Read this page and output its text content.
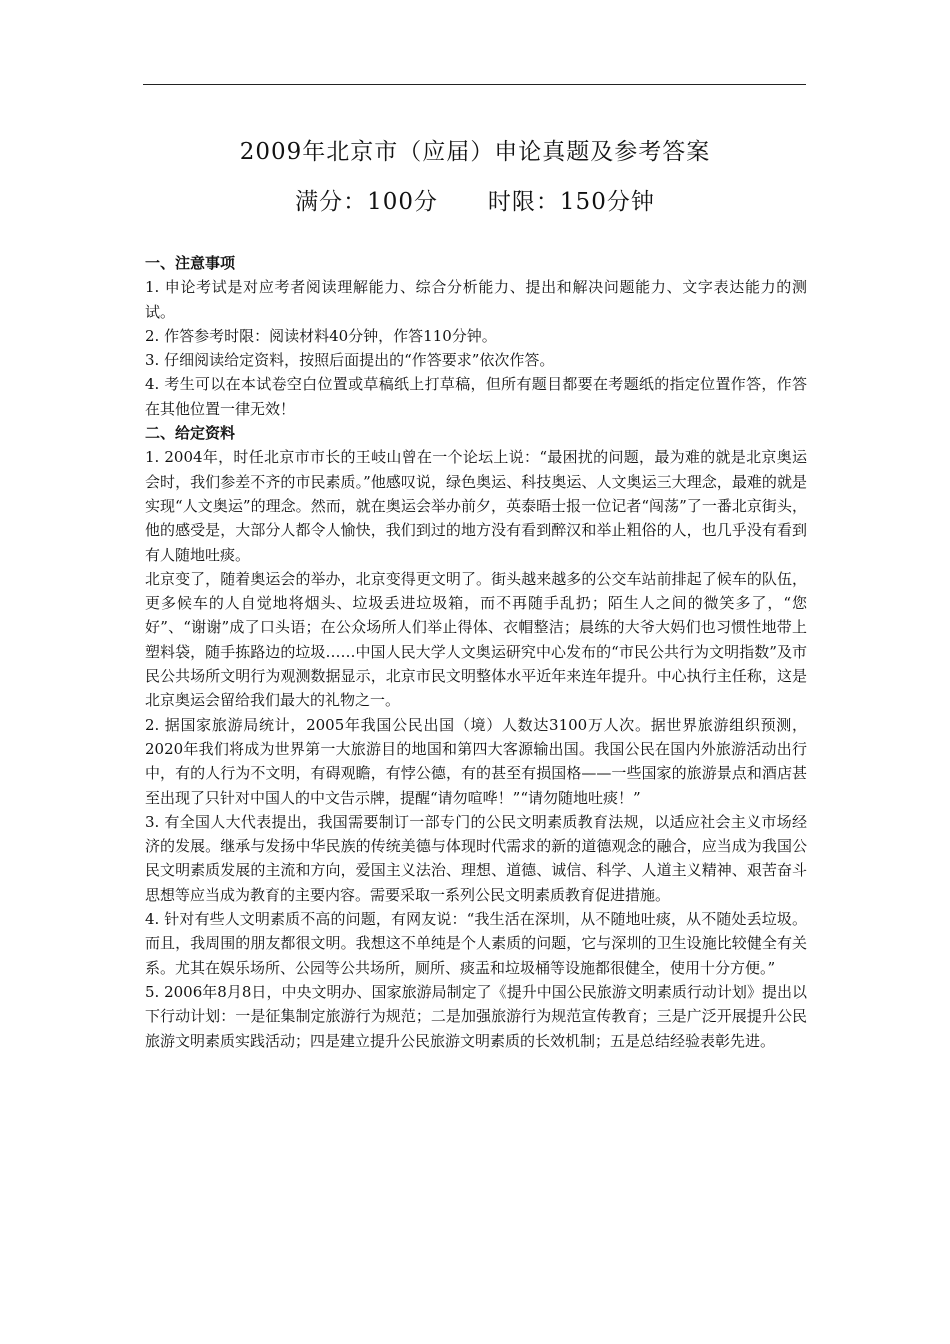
2009年北京市（应届）申论真题及参考答案
满分：100分      时限：150分钟

一、注意事项

1. 申论考试是对应考者阅读理解能力、综合分析能力、提出和解决问题能力、文字表达能力的测试。

2. 作答参考时限：阅读材料40分钟，作答110分钟。

3. 仔细阅读给定资料，按照后面提出的“作答要求”依次作答。

4. 考生可以在本试卷空白位置或草稿纸上打草稿，但所有题目都要在考题纸的指定位置作答，作答在其他位置一律无效！

二、给定资料

1. 2004年，时任北京市市长的王岐山曾在一个论坛上说：“最困扰的问题，最为难的就是北京奥运会时，我们参差不齐的市民素质。”他感叹说，绿色奥运、科技奥运、人文奥运三大理念，最难的就是实现“人文奥运”的理念。然而，就在奥运会举办前夕，英泰晤士报一位记者“闯荡”了一番北京街头，他的感受是，大部分人都令人愉快，我们到过的地方没有看到醉汉和举止粗俗的人，也几乎没有看到有人随地吐痰。

北京变了，随着奥运会的举办，北京变得更文明了。街头越来越多的公交车站前排起了候车的队伍，更多候车的人自觉地将烟头、垃圾丢进垃圾箱，而不再随手乱扔；陌生人之间的微笑多了，“您好”、“谢谢”成了口头语；在公众场所人们举止得体、衣帽整洁；晨练的大爷大妈们也习惯性地带上塑料袋，随手拣路边的垃圾……中国人民大学人文奥运研究中心发布的“市民公共行为文明指数”及市民公共场所文明行为观测数据显示，北京市民文明整体水平近年来连年提升。中心执行主任称，这是北京奥运会留给我们最大的礼物之一。

2. 据国家旅游局统计，2005年我国公民出国（境）人数达3100万人次。据世界旅游组织预测，2020年我们将成为世界第一大旅游目的地国和第四大客源输出国。我国公民在国内外旅游活动出行中，有的人行为不文明，有碍观瞻，有悖公德，有的甚至有损国格——一些国家的旅游景点和酒店甚至出现了只针对中国人的中文告示牌，提醒“请勿喧哗！”“请勿随地吐痰！”

3. 有全国人大代表提出，我国需要制订一部专门的公民文明素质教育法规，以适应社会主义市场经济的发展。继承与发扬中华民族的传统美德与体现时代需求的新的道德观念的融合，应当成为我国公民文明素质发展的主流和方向，爱国主义法治、理想、道德、诚信、科学、人道主义精神、艰苦奋斗思想等应当成为教育的主要内容。需要采取一系列公民文明素质教育促进措施。

4. 针对有些人文明素质不高的问题，有网友说：“我生活在深圳，从不随地吐痰，从不随处丢垃圾。而且，我周围的朋友都很文明。我想这不单纯是个人素质的问题，它与深圳的卫生设施比较健全有关系。尤其在娱乐场所、公园等公共场所，厕所、痰盂和垃圾桶等设施都很健全，使用十分方便。”

5. 2006年8月8日，中央文明办、国家旅游局制定了《提升中国公民旅游文明素质行动计划》提出以下行动计划：一是征集制定旅游行为规范；二是加强旅游行为规范宣传教育；三是广泛开展提升公民旅游文明素质实践活动；四是建立提升公民旅游文明素质的长效机制；五是总结经验表彰先进。
